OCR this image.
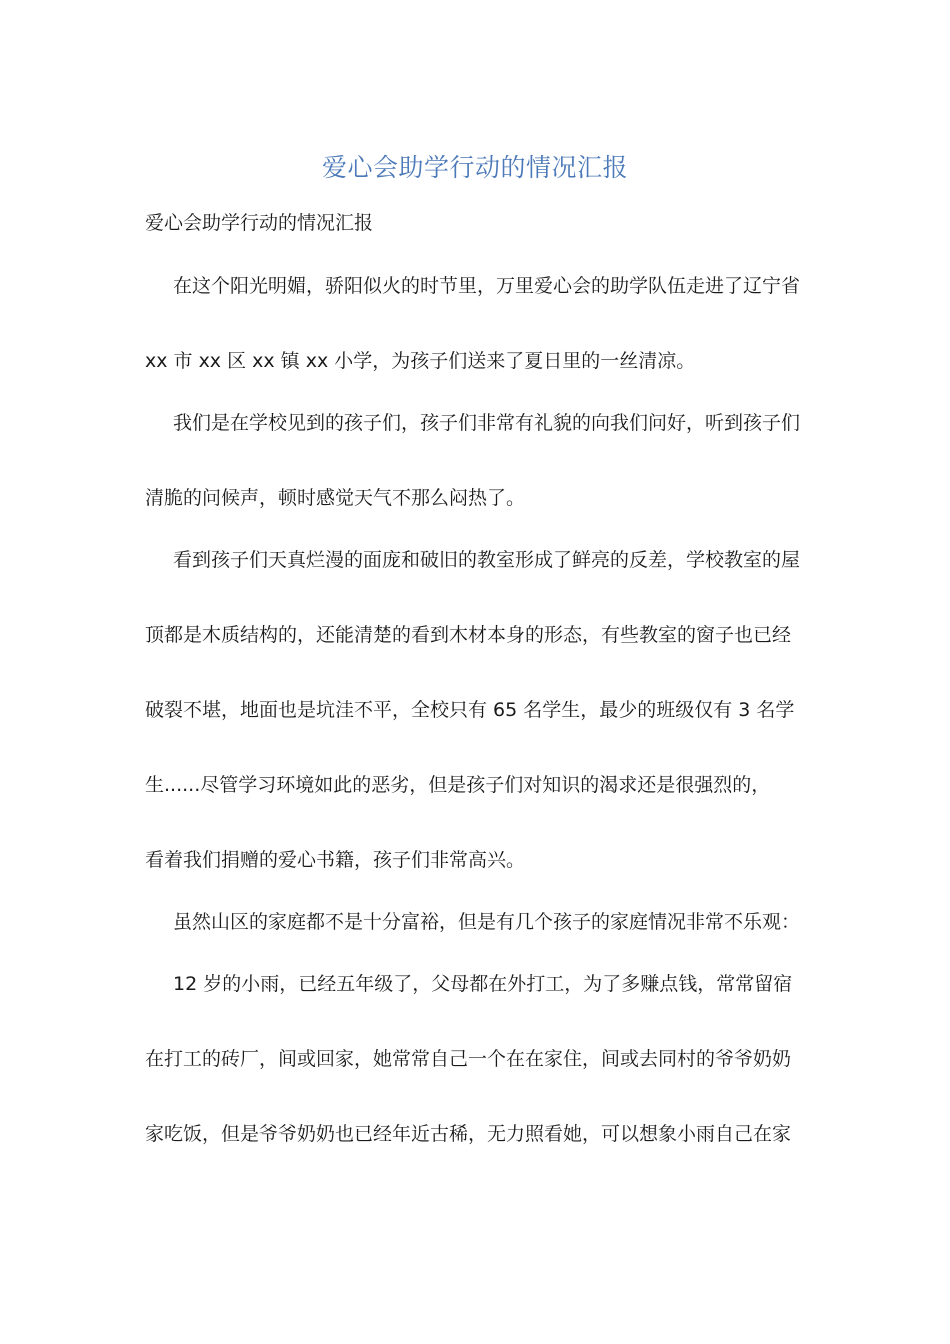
爱心会助学行动的情况汇报
爱心会助学行动的情况汇报
在这个阳光明媚，骄阳似火的时节里，万里爱心会的助学队伍走进了辽宁省
xx 市 xx 区 xx 镇 xx 小学，为孩子们送来了夏日里的一丝清凉。
我们是在学校见到的孩子们，孩子们非常有礼貌的向我们问好，听到孩子们
清脆的问候声，顿时感觉天气不那么闷热了。
看到孩子们天真烂漫的面庞和破旧的教室形成了鲜亮的反差，学校教室的屋
顶都是木质结构的，还能清楚的看到木材本身的形态，有些教室的窗子也已经
破裂不堪，地面也是坑洼不平，全校只有 65 名学生，最少的班级仅有 3 名学
生......尽管学习环境如此的恶劣，但是孩子们对知识的渴求还是很强烈的，
看着我们捐赠的爱心书籍，孩子们非常高兴。
虽然山区的家庭都不是十分富裕，但是有几个孩子的家庭情况非常不乐观：
12 岁的小雨，已经五年级了，父母都在外打工，为了多赚点钱，常常留宿
在打工的砖厂，间或回家，她常常自己一个在在家住，间或去同村的爷爷奶奶
家吃饭，但是爷爷奶奶也已经年近古稀，无力照看她，可以想象小雨自己在家
